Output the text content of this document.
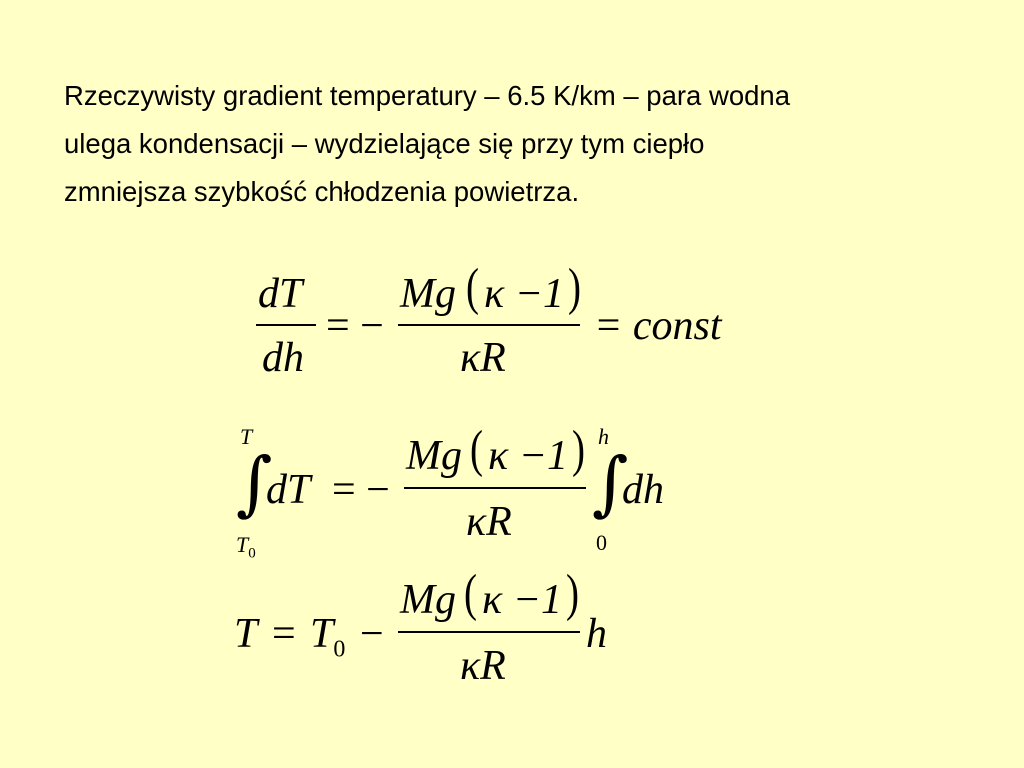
Rzeczywisty gradient temperatury – 6.5 K/km – para wodna
ulega kondensacji – wydzielające się przy tym ciepło
zmniejsza szybkość chłodzenia powietrza.
dT
dh
= −
Mg ( κ −1 )
κR
= const
T
∫
$T_0$
dT = −
Mg ( κ −1 )
κR
h
∫
0
dh
$T = T_0$ −
Mg ( κ −1 )
κR
h
